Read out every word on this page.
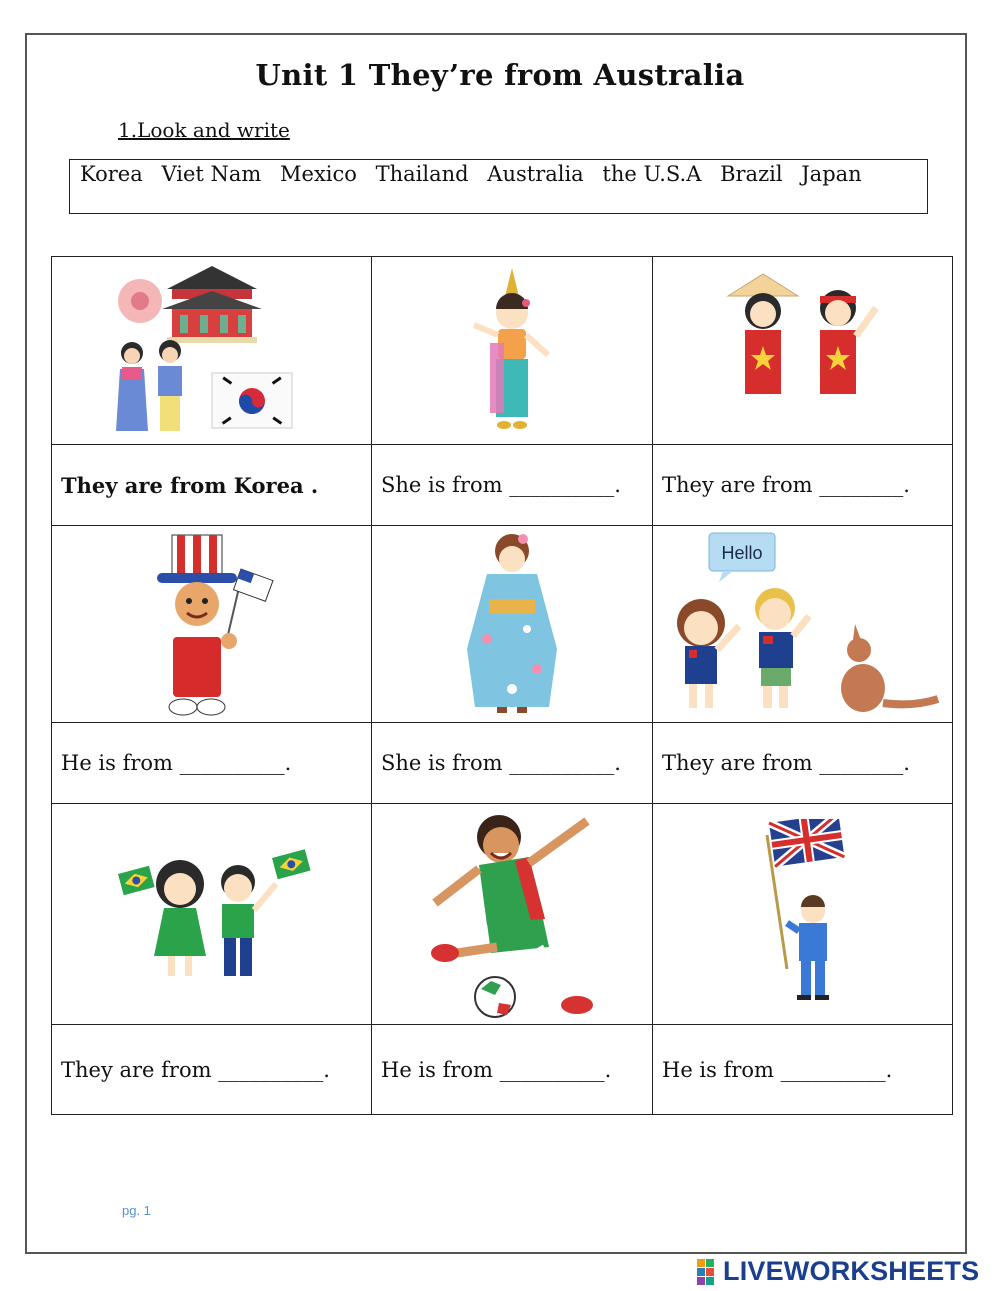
Unit 1 They’re from Australia
1.Look and write
Korea Viet Nam Mexico Thailand Australia the U.S.A Brazil Japan

They are from Korea .	She is from __________.	They are from ________.

Hello

He is from __________.	She is from __________.	They are from ________.

They are from __________.	He is from __________.	He is from __________.
pg. 1
LIVEWORKSHEETS
